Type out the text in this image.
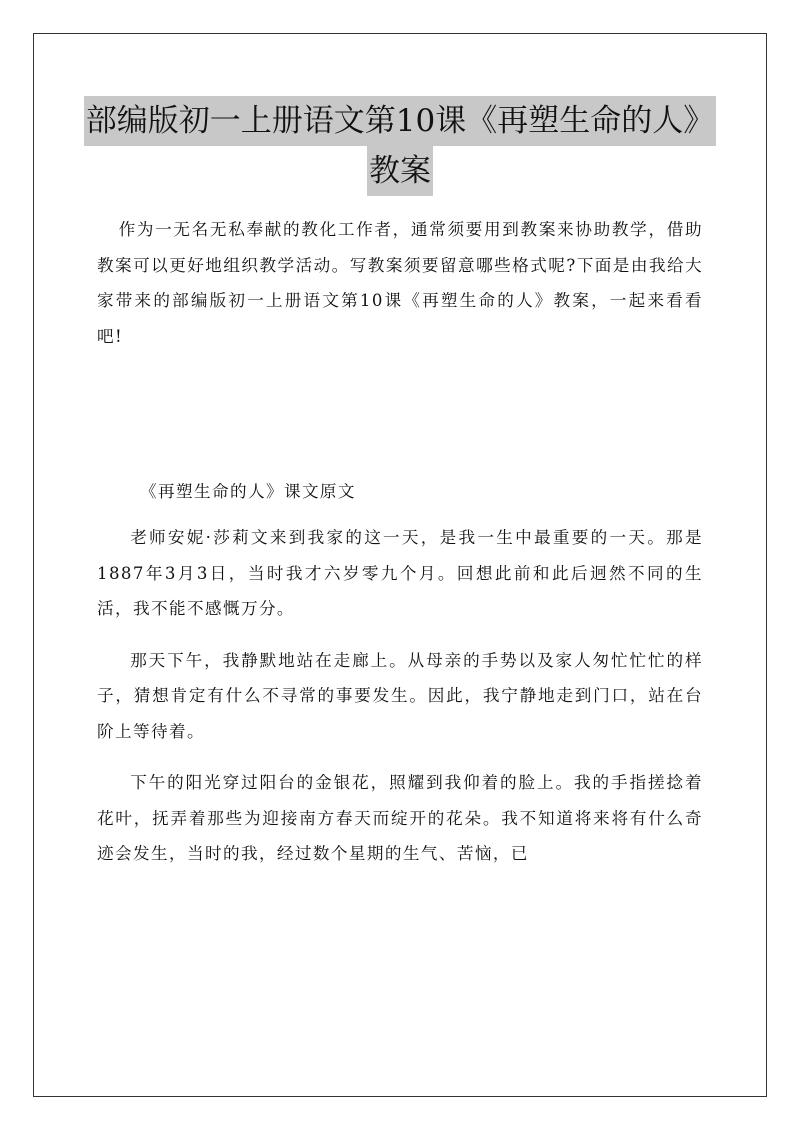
部编版初一上册语文第10课《再塑生命的人》
教案

作为一无名无私奉献的教化工作者，通常须要用到教案来协助教学，借助教案可以更好地组织教学活动。写教案须要留意哪些格式呢?下面是由我给大家带来的部编版初一上册语文第10课《再塑生命的人》教案，一起来看看吧!

《再塑生命的人》课文原文

老师安妮·莎莉文来到我家的这一天，是我一生中最重要的一天。那是1887年3月3日，当时我才六岁零九个月。回想此前和此后迥然不同的生活，我不能不感慨万分。

那天下午，我静默地站在走廊上。从母亲的手势以及家人匆忙忙忙的样子，猜想肯定有什么不寻常的事要发生。因此，我宁静地走到门口，站在台阶上等待着。

下午的阳光穿过阳台的金银花，照耀到我仰着的脸上。我的手指搓捻着花叶，抚弄着那些为迎接南方春天而绽开的花朵。我不知道将来将有什么奇迹会发生，当时的我，经过数个星期的生气、苦恼，已
